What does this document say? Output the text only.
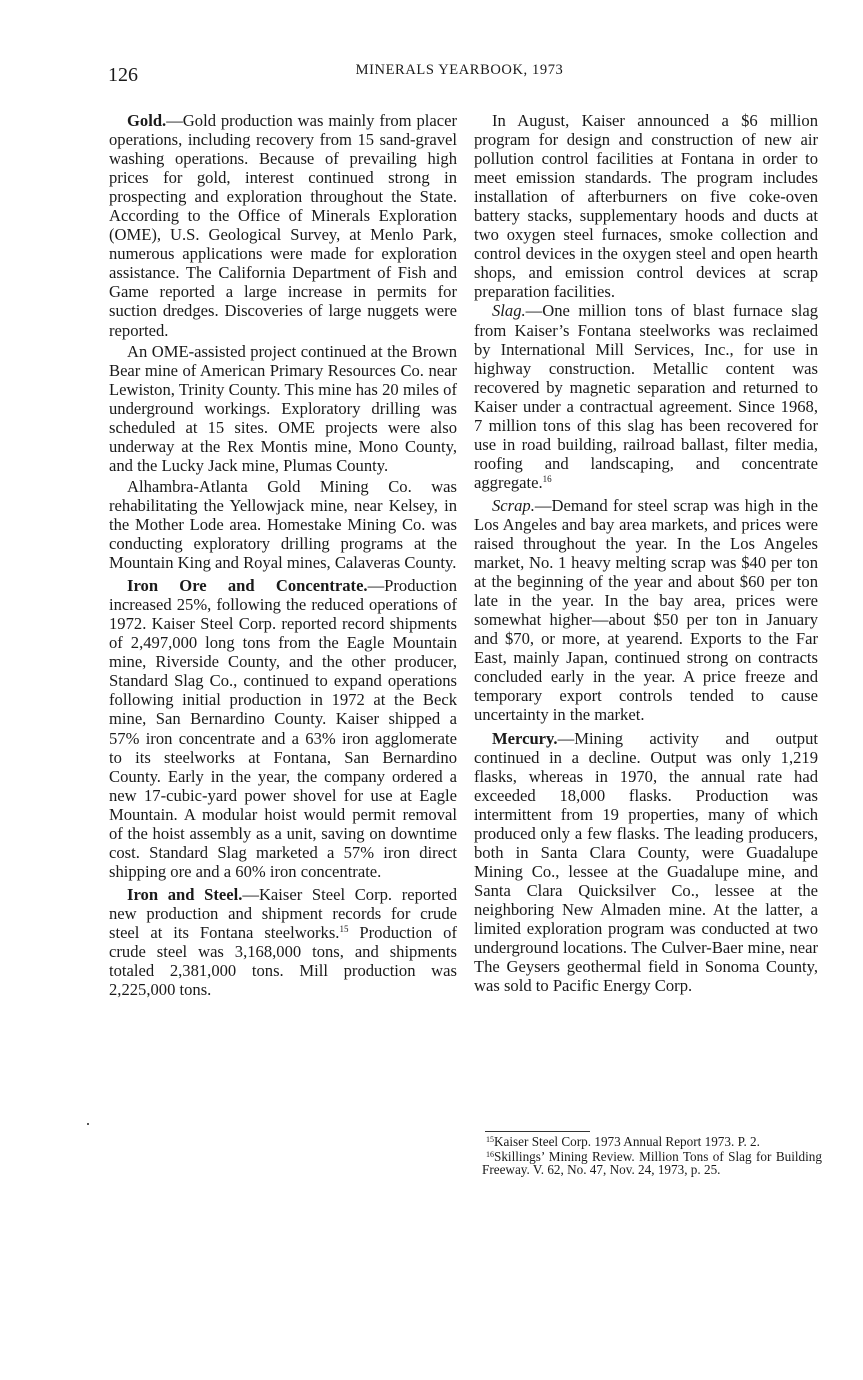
126	MINERALS YEARBOOK, 1973

Gold.—Gold production was mainly from placer operations, including recovery from 15 sand-gravel washing operations. Because of prevailing high prices for gold, interest continued strong in prospecting and exploration throughout the State. According to the Office of Minerals Exploration (OME), U.S. Geological Survey, at Menlo Park, numerous applications were made for exploration assistance. The California Department of Fish and Game reported a large increase in permits for suction dredges. Discoveries of large nuggets were reported.

An OME-assisted project continued at the Brown Bear mine of American Primary Resources Co. near Lewiston, Trinity County. This mine has 20 miles of underground workings. Exploratory drilling was scheduled at 15 sites. OME projects were also underway at the Rex Montis mine, Mono County, and the Lucky Jack mine, Plumas County.

Alhambra-Atlanta Gold Mining Co. was rehabilitating the Yellowjack mine, near Kelsey, in the Mother Lode area. Homestake Mining Co. was conducting exploratory drilling programs at the Mountain King and Royal mines, Calaveras County.

Iron Ore and Concentrate.—Production increased 25%, following the reduced operations of 1972. Kaiser Steel Corp. reported record shipments of 2,497,000 long tons from the Eagle Mountain mine, Riverside County, and the other producer, Standard Slag Co., continued to expand operations following initial production in 1972 at the Beck mine, San Bernardino County. Kaiser shipped a 57% iron concentrate and a 63% iron agglomerate to its steelworks at Fontana, San Bernardino County. Early in the year, the company ordered a new 17-cubic-yard power shovel for use at Eagle Mountain. A modular hoist would permit removal of the hoist assembly as a unit, saving on downtime cost. Standard Slag marketed a 57% iron direct shipping ore and a 60% iron concentrate.

Iron and Steel.—Kaiser Steel Corp. reported new production and shipment records for crude steel at its Fontana steelworks.$^{15}$ Production of crude steel was 3,168,000 tons, and shipments totaled 2,381,000 tons. Mill production was 2,225,000 tons.

In August, Kaiser announced a $6 million program for design and construction of new air pollution control facilities at Fontana in order to meet emission standards. The program includes installation of afterburners on five coke-oven battery stacks, supplementary hoods and ducts at two oxygen steel furnaces, smoke collection and control devices in the oxygen steel and open hearth shops, and emission control devices at scrap preparation facilities.

Slag.—One million tons of blast furnace slag from Kaiser’s Fontana steelworks was reclaimed by International Mill Services, Inc., for use in highway construction. Metallic content was recovered by magnetic separation and returned to Kaiser under a contractual agreement. Since 1968, 7 million tons of this slag has been recovered for use in road building, railroad ballast, filter media, roofing and landscaping, and concentrate aggregate.$^{16}$

Scrap.—Demand for steel scrap was high in the Los Angeles and bay area markets, and prices were raised throughout the year. In the Los Angeles market, No. 1 heavy melting scrap was $40 per ton at the beginning of the year and about $60 per ton late in the year. In the bay area, prices were somewhat higher—about $50 per ton in January and $70, or more, at yearend. Exports to the Far East, mainly Japan, continued strong on contracts concluded early in the year. A price freeze and temporary export controls tended to cause uncertainty in the market.

Mercury.—Mining activity and output continued in a decline. Output was only 1,219 flasks, whereas in 1970, the annual rate had exceeded 18,000 flasks. Production was intermittent from 19 properties, many of which produced only a few flasks. The leading producers, both in Santa Clara County, were Guadalupe Mining Co., lessee at the Guadalupe mine, and Santa Clara Quicksilver Co., lessee at the neighboring New Almaden mine. At the latter, a limited exploration program was conducted at two underground locations. The Culver-Baer mine, near The Geysers geothermal field in Sonoma County, was sold to Pacific Energy Corp.

$^{15}$Kaiser Steel Corp. 1973 Annual Report 1973. P. 2.

$^{16}$Skillings’ Mining Review. Million Tons of Slag for Building Freeway. V. 62, No. 47, Nov. 24, 1973, p. 25.
